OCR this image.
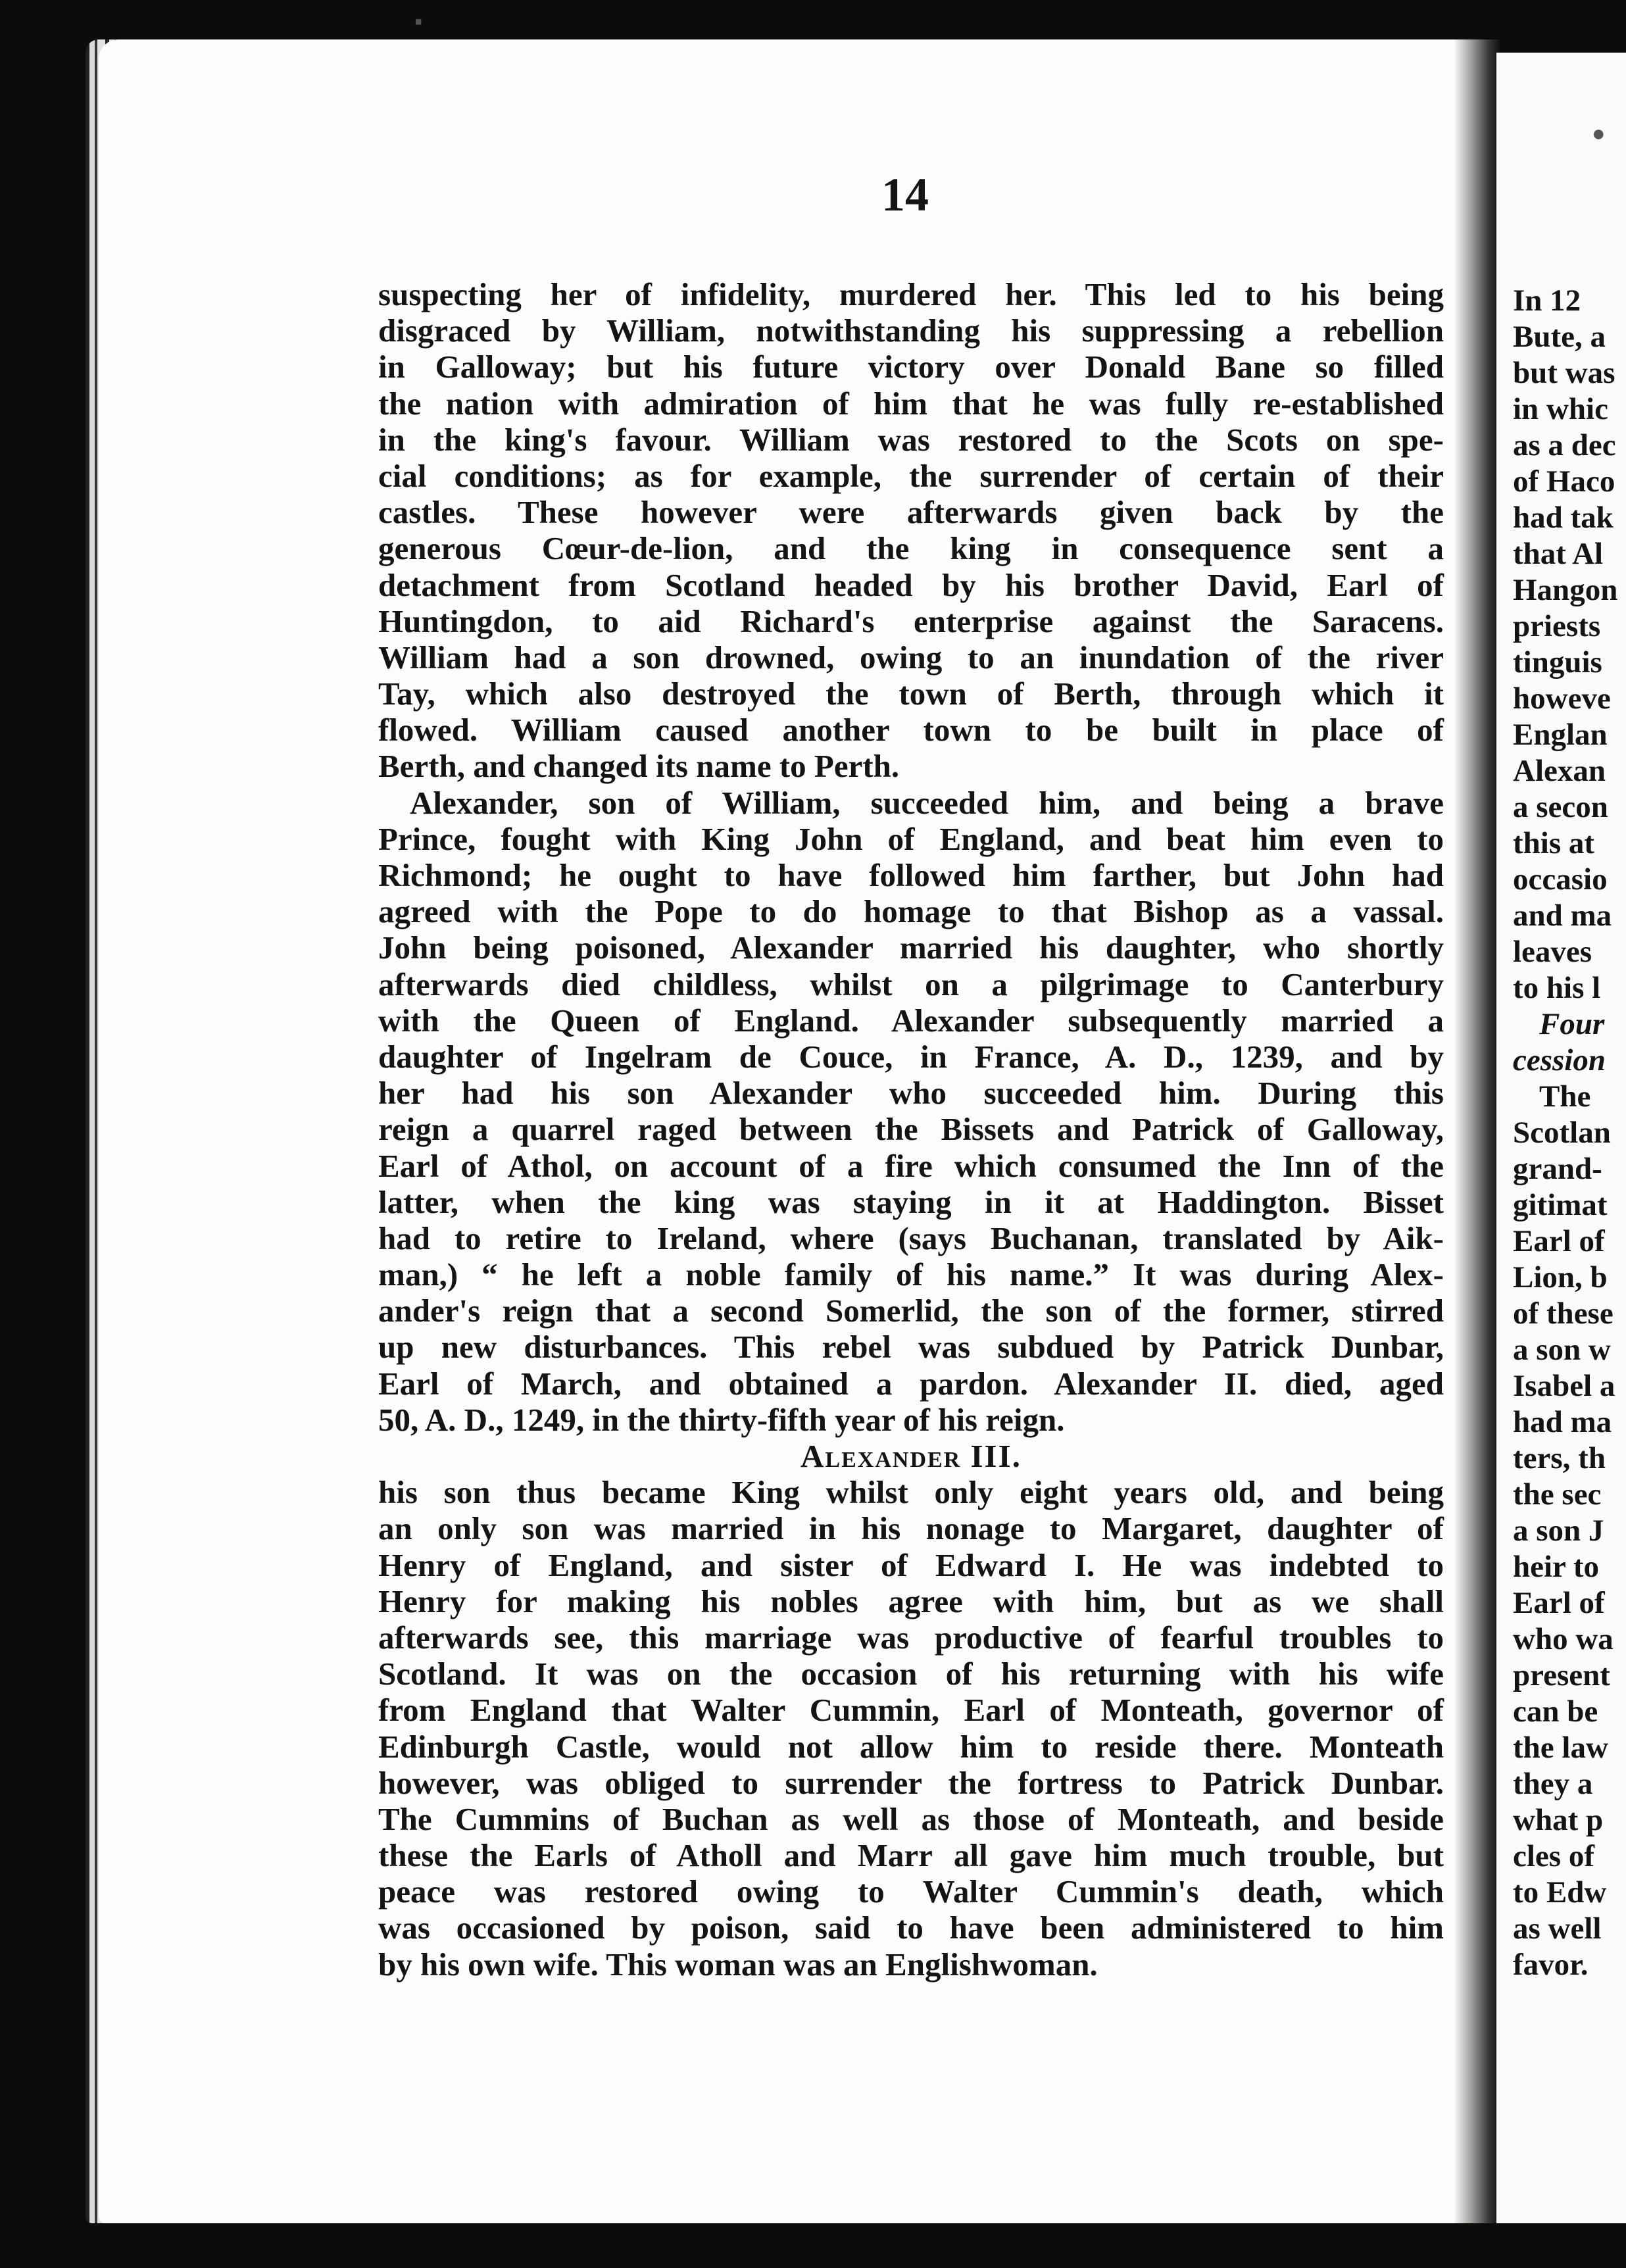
14
suspecting her of infidelity, murdered her. This led to his being
disgraced by William, notwithstanding his suppressing a rebellion
in Galloway; but his future victory over Donald Bane so filled
the nation with admiration of him that he was fully re-established
in the king's favour. William was restored to the Scots on spe-
cial conditions; as for example, the surrender of certain of their
castles. These however were afterwards given back by the
generous Cœur-de-lion, and the king in consequence sent a
detachment from Scotland headed by his brother David, Earl of
Huntingdon, to aid Richard's enterprise against the Saracens.
William had a son drowned, owing to an inundation of the river
Tay, which also destroyed the town of Berth, through which it
flowed. William caused another town to be built in place of
Berth, and changed its name to Perth.
Alexander, son of William, succeeded him, and being a brave
Prince, fought with King John of England, and beat him even to
Richmond; he ought to have followed him farther, but John had
agreed with the Pope to do homage to that Bishop as a vassal.
John being poisoned, Alexander married his daughter, who shortly
afterwards died childless, whilst on a pilgrimage to Canterbury
with the Queen of England. Alexander subsequently married a
daughter of Ingelram de Couce, in France, A. D., 1239, and by
her had his son Alexander who succeeded him. During this
reign a quarrel raged between the Bissets and Patrick of Galloway,
Earl of Athol, on account of a fire which consumed the Inn of the
latter, when the king was staying in it at Haddington. Bisset
had to retire to Ireland, where (says Buchanan, translated by Aik-
man,) “ he left a noble family of his name.” It was during Alex-
ander's reign that a second Somerlid, the son of the former, stirred
up new disturbances. This rebel was subdued by Patrick Dunbar,
Earl of March, and obtained a pardon. Alexander II. died, aged
50, A. D., 1249, in the thirty-fifth year of his reign.
Alexander III.
his son thus became King whilst only eight years old, and being
an only son was married in his nonage to Margaret, daughter of
Henry of England, and sister of Edward I. He was indebted to
Henry for making his nobles agree with him, but as we shall
afterwards see, this marriage was productive of fearful troubles to
Scotland. It was on the occasion of his returning with his wife
from England that Walter Cummin, Earl of Monteath, governor of
Edinburgh Castle, would not allow him to reside there. Monteath
however, was obliged to surrender the fortress to Patrick Dunbar.
The Cummins of Buchan as well as those of Monteath, and beside
these the Earls of Atholl and Marr all gave him much trouble, but
peace was restored owing to Walter Cummin's death, which
was occasioned by poison, said to have been administered to him
by his own wife. This woman was an Englishwoman.
In 12
Bute, a
but was
in whic
as a dec
of Haco
had tak
that Al
Hangon
priests
tinguis
howeve
Englan
Alexan
a secon
this at
occasio
and ma
leaves
to his l
Four
cession
The
Scotlan
grand-
gitimat
Earl of
Lion, b
of these
a son w
Isabel a
had ma
ters, th
the sec
a son J
heir to
Earl of
who wa
present
can be
the law
they a
what p
cles of
to Edw
as well
favor.
▪
●
